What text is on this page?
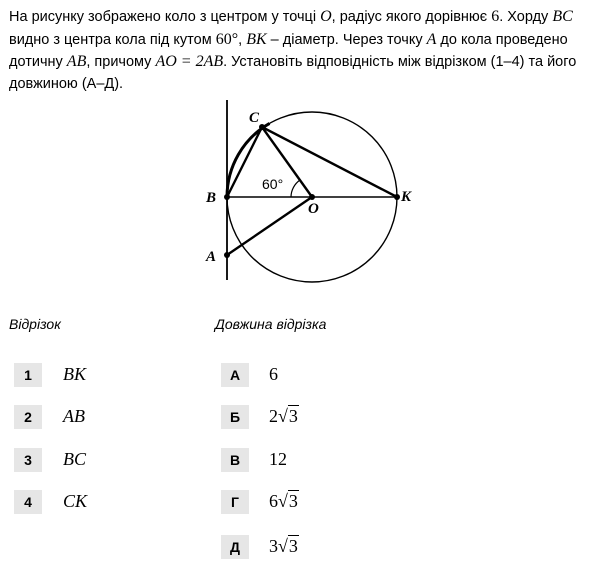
На рисунку зображено коло з центром у точці O, радіус якого дорівнює 6. Хорду BC видно з центра кола під кутом 60°, BK – діаметр. Через точку A до кола проведено дотичну AB, причому AO = 2AB. Установіть відповідність між відрізком (1–4) та його довжиною (А–Д).

C
B
O
K
A
60°
Відрізок	Довжина відрізка
1	BK
2	AB
3	BC
4	CK
А	6
Б	2√3
В	12
Г	6√3
Д	3√3
